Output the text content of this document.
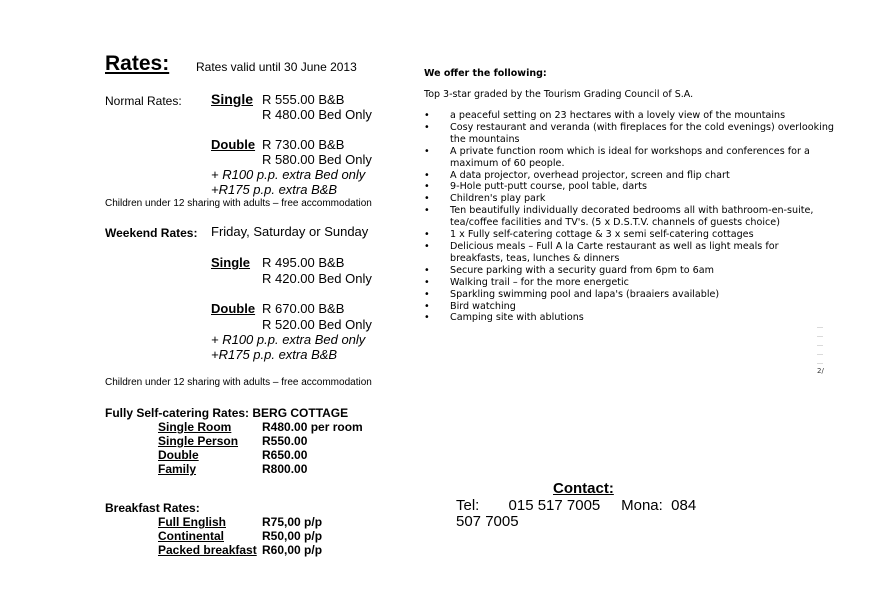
Rates: Rates valid until 30 June 2013
Normal Rates: Single R 555.00 B&B
R 480.00 Bed Only
Double R 730.00 B&B
R 580.00 Bed Only
+ R100 p.p. extra Bed only
+R175 p.p. extra B&B
Children under 12 sharing with adults – free accommodation
Weekend Rates: Friday, Saturday or Sunday
Single R 495.00 B&B
R 420.00 Bed Only
Double R 670.00 B&B
R 520.00 Bed Only
+ R100 p.p. extra Bed only
+R175 p.p. extra B&B
Children under 12 sharing with adults – free accommodation
Fully Self-catering Rates: BERG COTTAGE
Single Room	R480.00 per room
Single Person R550.00
Double	R650.00
Family	R800.00
Breakfast Rates:
Full English	R75,00 p/p
Continental	R50,00 p/p
Packed breakfast R60,00 p/p
We offer the following:
Top 3-star graded by the Tourism Grading Council of S.A.
• a peaceful setting on 23 hectares with a lovely view of the mountains
• Cosy restaurant and veranda (with fireplaces for the cold evenings) overlooking the mountains
• A private function room which is ideal for workshops and conferences for a maximum of 60 people.
• A data projector, overhead projector, screen and flip chart
• 9-Hole putt-putt course, pool table, darts
• Children's play park
• Ten beautifully individually decorated bedrooms all with bathroom-en-suite, tea/coffee facilities and TV's. (5 x D.S.T.V. channels of guests choice)
• 1 x Fully self-catering cottage & 3 x semi self-catering cottages
• Delicious meals – Full A la Carte restaurant as well as light meals for breakfasts, teas, lunches & dinners
• Secure parking with a security guard from 6pm to 6am
• Walking trail – for the more energetic
• Sparkling swimming pool and lapa's (braaiers available)
• Bird watching
• Camping site with ablutions
…
…
…
…
…
2/
Contact:
Tel:       015 517 7005     Mona:  084
507 7005
